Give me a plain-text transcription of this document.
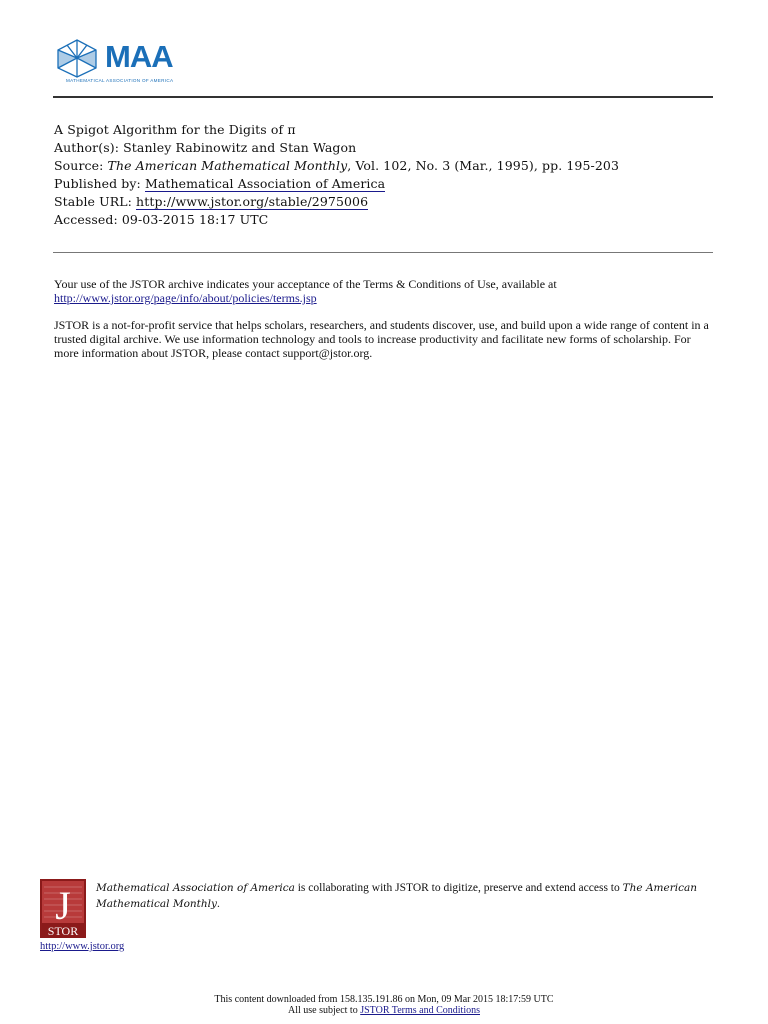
MAA
MATHEMATICAL ASSOCIATION OF AMERICA
A Spigot Algorithm for the Digits of π
Author(s): Stanley Rabinowitz and Stan Wagon
Source: The American Mathematical Monthly, Vol. 102, No. 3 (Mar., 1995), pp. 195-203
Published by: Mathematical Association of America
Stable URL: http://www.jstor.org/stable/2975006
Accessed: 09-03-2015 18:17 UTC
Your use of the JSTOR archive indicates your acceptance of the Terms & Conditions of Use, available at http://www.jstor.org/page/info/about/policies/terms.jsp
JSTOR is a not-for-profit service that helps scholars, researchers, and students discover, use, and build upon a wide range of content in a trusted digital archive. We use information technology and tools to increase productivity and facilitate new forms of scholarship. For more information about JSTOR, please contact support@jstor.org.
J
STOR
http://www.jstor.org
Mathematical Association of America is collaborating with JSTOR to digitize, preserve and extend access to The American Mathematical Monthly.
This content downloaded from 158.135.191.86 on Mon, 09 Mar 2015 18:17:59 UTC
All use subject to JSTOR Terms and Conditions
